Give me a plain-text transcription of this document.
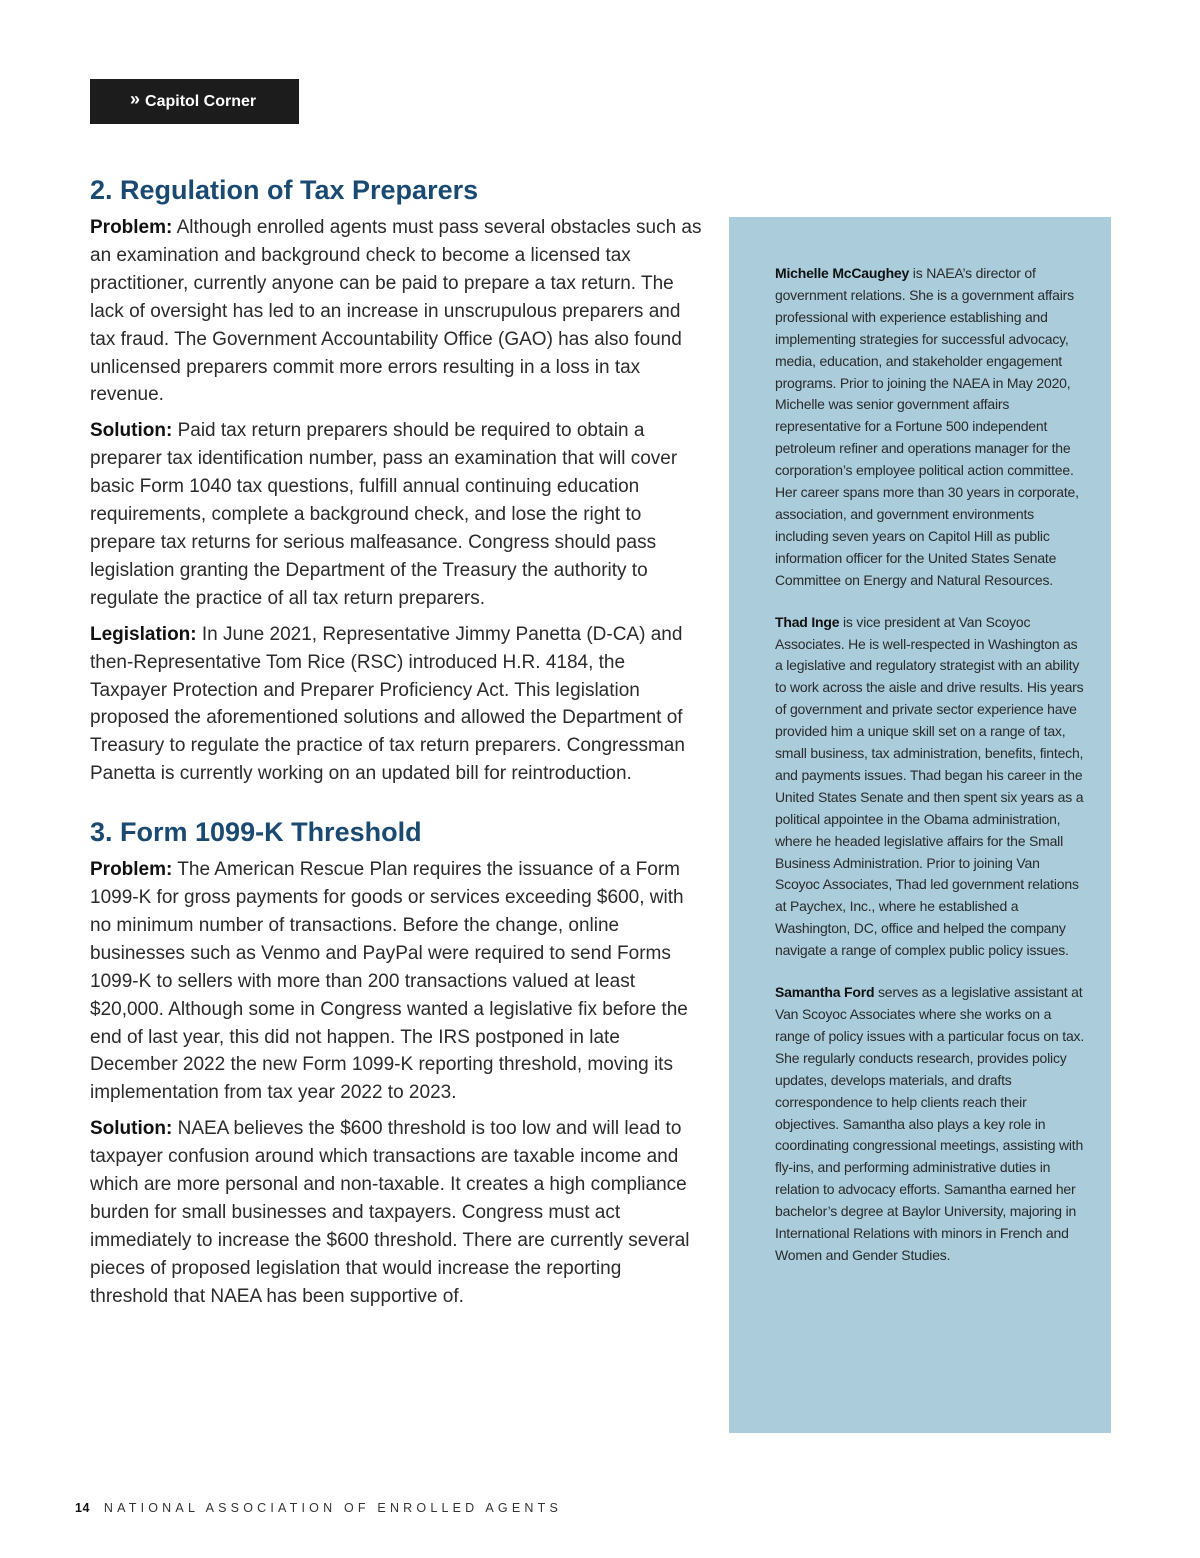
» Capitol Corner
2. Regulation of Tax Preparers

Problem: Although enrolled agents must pass several obstacles such as an examination and background check to become a licensed tax practitioner, currently anyone can be paid to prepare a tax return. The lack of oversight has led to an increase in unscrupulous preparers and tax fraud. The Government Accountability Office (GAO) has also found unlicensed preparers commit more errors resulting in a loss in tax revenue.

Solution: Paid tax return preparers should be required to obtain a preparer tax identification number, pass an examination that will cover basic Form 1040 tax questions, fulfill annual continuing education requirements, complete a background check, and lose the right to prepare tax returns for serious malfeasance. Congress should pass legislation granting the Department of the Treasury the authority to regulate the practice of all tax return preparers.

Legislation: In June 2021, Representative Jimmy Panetta (D-CA) and then-Representative Tom Rice (RSC) introduced H.R. 4184, the Taxpayer Protection and Preparer Proficiency Act. This legislation proposed the aforementioned solutions and allowed the Department of Treasury to regulate the practice of tax return preparers. Congressman Panetta is currently working on an updated bill for reintroduction.

3. Form 1099-K Threshold

Problem: The American Rescue Plan requires the issuance of a Form 1099-K for gross payments for goods or services exceeding $600, with no minimum number of transactions. Before the change, online businesses such as Venmo and PayPal were required to send Forms 1099-K to sellers with more than 200 transactions valued at least $20,000. Although some in Congress wanted a legislative fix before the end of last year, this did not happen. The IRS postponed in late December 2022 the new Form 1099-K reporting threshold, moving its implementation from tax year 2022 to 2023.

Solution: NAEA believes the $600 threshold is too low and will lead to taxpayer confusion around which transactions are taxable income and which are more personal and non-taxable. It creates a high compliance burden for small businesses and taxpayers. Congress must act immediately to increase the $600 threshold. There are currently several pieces of proposed legislation that would increase the reporting threshold that NAEA has been supportive of.

Michelle McCaughey is NAEA’s director of government relations. She is a government affairs professional with experience establishing and implementing strategies for successful advocacy, media, education, and stakeholder engagement programs. Prior to joining the NAEA in May 2020, Michelle was senior government affairs representative for a Fortune 500 independent petroleum refiner and operations manager for the corporation’s employee political action committee. Her career spans more than 30 years in corporate, association, and government environments including seven years on Capitol Hill as public information officer for the United States Senate Committee on Energy and Natural Resources.

Thad Inge is vice president at Van Scoyoc Associates. He is well-respected in Washington as a legislative and regulatory strategist with an ability to work across the aisle and drive results. His years of government and private sector experience have provided him a unique skill set on a range of tax, small business, tax administration, benefits, fintech, and payments issues. Thad began his career in the United States Senate and then spent six years as a political appointee in the Obama administration, where he headed legislative affairs for the Small Business Administration. Prior to joining Van Scoyoc Associates, Thad led government relations at Paychex, Inc., where he established a Washington, DC, office and helped the company navigate a range of complex public policy issues.

Samantha Ford serves as a legislative assistant at Van Scoyoc Associates where she works on a range of policy issues with a particular focus on tax. She regularly conducts research, provides policy updates, develops materials, and drafts correspondence to help clients reach their objectives. Samantha also plays a key role in coordinating congressional meetings, assisting with fly-ins, and performing administrative duties in relation to advocacy efforts. Samantha earned her bachelor’s degree at Baylor University, majoring in International Relations with minors in French and Women and Gender Studies.

14 NATIONAL ASSOCIATION OF ENROLLED AGENTS
